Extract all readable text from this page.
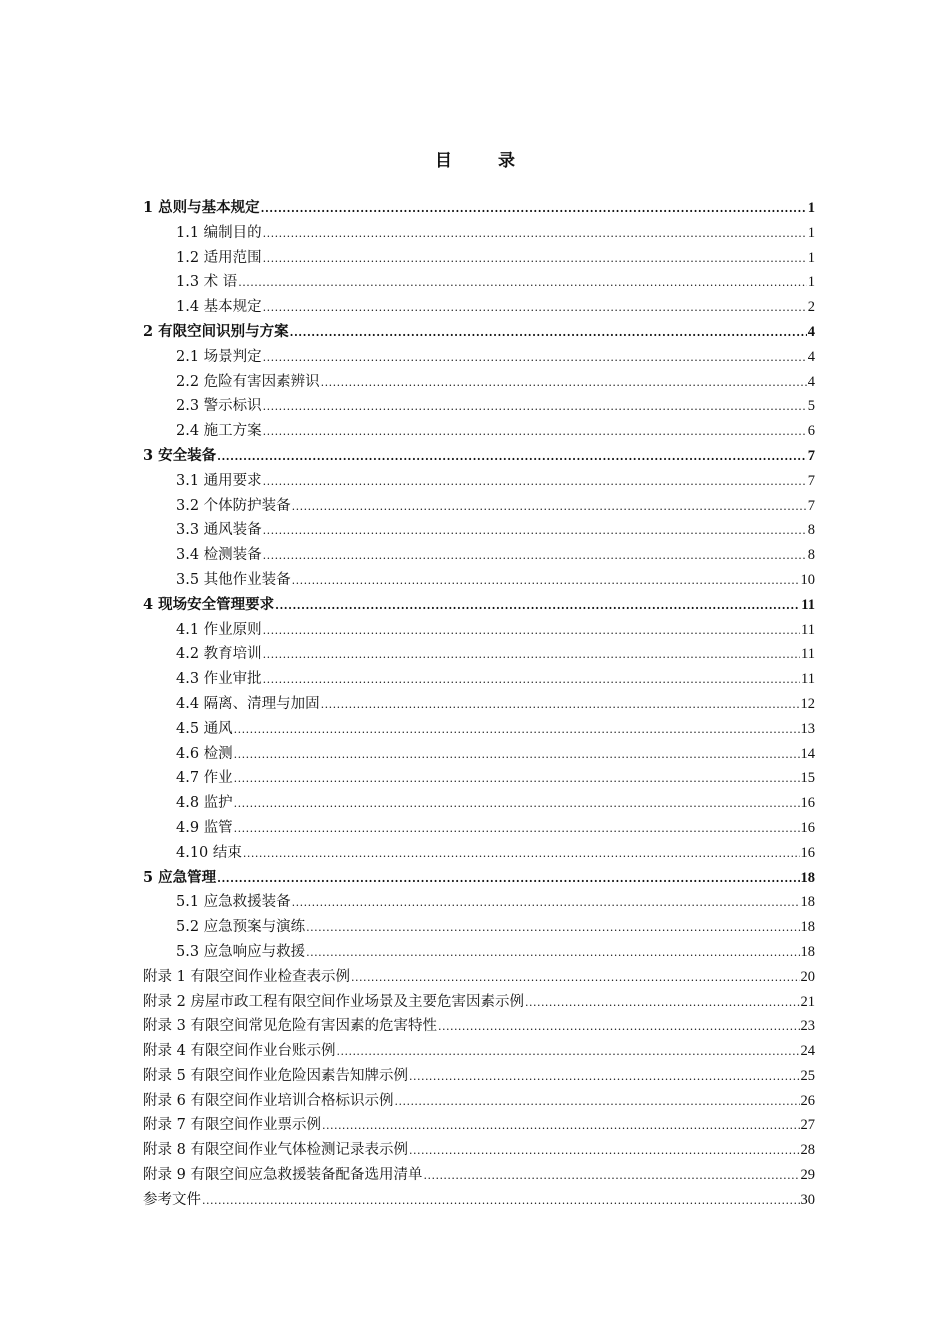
目 录
1 总则与基本规定 .....	1
1.1 编制目的 .....	1
1.2 适用范围 .....	1
1.3 术 语 .....	1
1.4 基本规定 .....	2
2 有限空间识别与方案 .....	4
2.1 场景判定 .....	4
2.2 危险有害因素辨识 .....	4
2.3 警示标识 .....	5
2.4 施工方案 .....	6
3 安全装备 .....	7
3.1 通用要求 .....	7
3.2 个体防护装备 .....	7
3.3 通风装备 .....	8
3.4 检测装备 .....	8
3.5 其他作业装备 .....	10
4 现场安全管理要求 .....	11
4.1 作业原则 .....	11
4.2 教育培训 .....	11
4.3 作业审批 .....	11
4.4 隔离、清理与加固 .....	12
4.5 通风 .....	13
4.6 检测 .....	14
4.7 作业 .....	15
4.8 监护 .....	16
4.9 监管 .....	16
4.10 结束 .....	16
5 应急管理 .....	18
5.1 应急救援装备 .....	18
5.2 应急预案与演练 .....	18
5.3 应急响应与救援 .....	18
附录 1 有限空间作业检查表示例 .....	20
附录 2 房屋市政工程有限空间作业场景及主要危害因素示例 .....	21
附录 3 有限空间常见危险有害因素的危害特性 .....	23
附录 4 有限空间作业台账示例 .....	24
附录 5 有限空间作业危险因素告知牌示例 .....	25
附录 6 有限空间作业培训合格标识示例 .....	26
附录 7 有限空间作业票示例 .....	27
附录 8 有限空间作业气体检测记录表示例 .....	28
附录 9 有限空间应急救援装备配备选用清单 .....	29
参考文件 .....	30
